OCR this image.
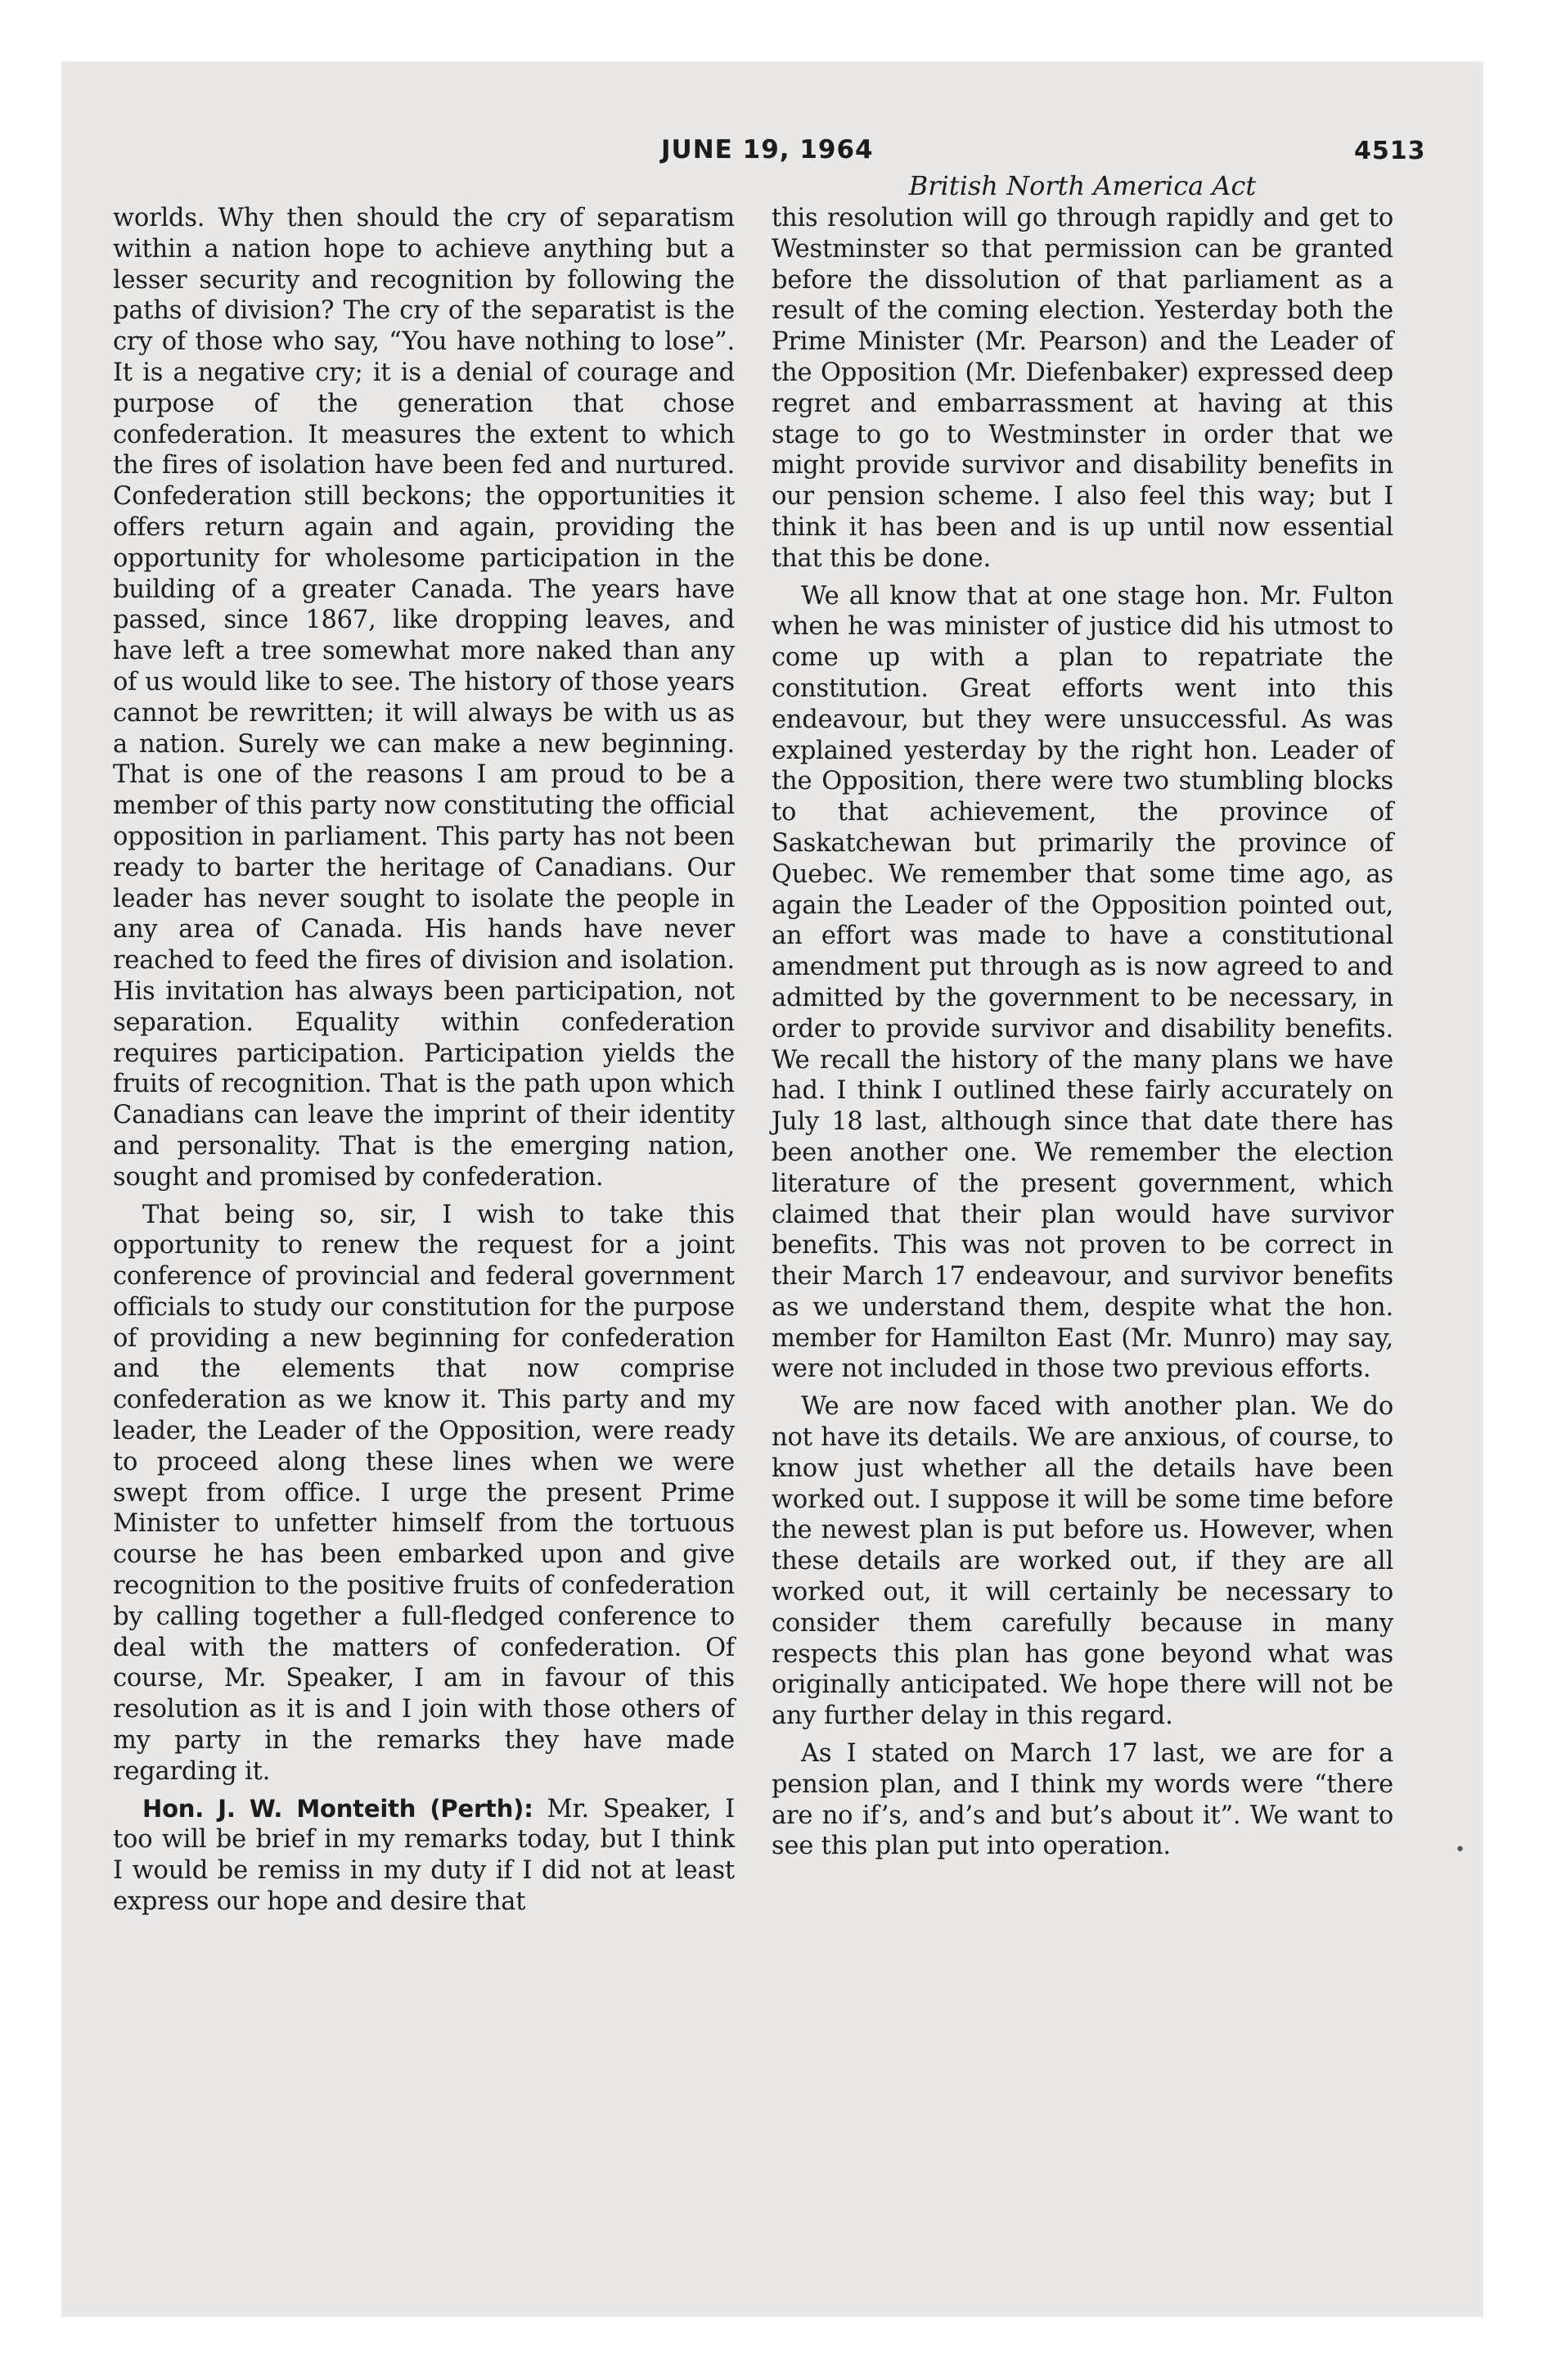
JUNE 19, 1964	4513
British North America Act

worlds. Why then should the cry of separatism within a nation hope to achieve anything but a lesser security and recognition by following the paths of division? The cry of the separatist is the cry of those who say, “You have nothing to lose”. It is a negative cry; it is a denial of courage and purpose of the generation that chose confederation. It measures the extent to which the fires of isolation have been fed and nurtured. Confederation still beckons; the opportunities it offers return again and again, providing the opportunity for wholesome participation in the building of a greater Canada. The years have passed, since 1867, like dropping leaves, and have left a tree somewhat more naked than any of us would like to see. The history of those years cannot be rewritten; it will always be with us as a nation. Surely we can make a new beginning. That is one of the reasons I am proud to be a member of this party now constituting the official opposition in parliament. This party has not been ready to barter the heritage of Canadians. Our leader has never sought to isolate the people in any area of Canada. His hands have never reached to feed the fires of division and isolation. His invitation has always been participation, not separation. Equality within confederation requires participation. Participation yields the fruits of recognition. That is the path upon which Canadians can leave the imprint of their identity and personality. That is the emerging nation, sought and promised by confederation.

That being so, sir, I wish to take this opportunity to renew the request for a joint conference of provincial and federal government officials to study our constitution for the purpose of providing a new beginning for confederation and the elements that now comprise confederation as we know it. This party and my leader, the Leader of the Opposition, were ready to proceed along these lines when we were swept from office. I urge the present Prime Minister to unfetter himself from the tortuous course he has been embarked upon and give recognition to the positive fruits of confederation by calling together a full-fledged conference to deal with the matters of confederation. Of course, Mr. Speaker, I am in favour of this resolution as it is and I join with those others of my party in the remarks they have made regarding it.

Hon. J. W. Monteith (Perth): Mr. Speaker, I too will be brief in my remarks today, but I think I would be remiss in my duty if I did not at least express our hope and desire that

this resolution will go through rapidly and get to Westminster so that permission can be granted before the dissolution of that parliament as a result of the coming election. Yesterday both the Prime Minister (Mr. Pearson) and the Leader of the Opposition (Mr. Diefenbaker) expressed deep regret and embarrassment at having at this stage to go to Westminster in order that we might provide survivor and disability benefits in our pension scheme. I also feel this way; but I think it has been and is up until now essential that this be done.

We all know that at one stage hon. Mr. Fulton when he was minister of justice did his utmost to come up with a plan to repatriate the constitution. Great efforts went into this endeavour, but they were unsuccessful. As was explained yesterday by the right hon. Leader of the Opposition, there were two stumbling blocks to that achievement, the province of Saskatchewan but primarily the province of Quebec. We remember that some time ago, as again the Leader of the Opposition pointed out, an effort was made to have a constitutional amendment put through as is now agreed to and admitted by the government to be necessary, in order to provide survivor and disability benefits. We recall the history of the many plans we have had. I think I outlined these fairly accurately on July 18 last, although since that date there has been another one. We remember the election literature of the present government, which claimed that their plan would have survivor benefits. This was not proven to be correct in their March 17 endeavour, and survivor benefits as we understand them, despite what the hon. member for Hamilton East (Mr. Munro) may say, were not included in those two previous efforts.

We are now faced with another plan. We do not have its details. We are anxious, of course, to know just whether all the details have been worked out. I suppose it will be some time before the newest plan is put before us. However, when these details are worked out, if they are all worked out, it will certainly be necessary to consider them carefully because in many respects this plan has gone beyond what was originally anticipated. We hope there will not be any further delay in this regard.

As I stated on March 17 last, we are for a pension plan, and I think my words were “there are no if’s, and’s and but’s about it”. We want to see this plan put into operation.	•
